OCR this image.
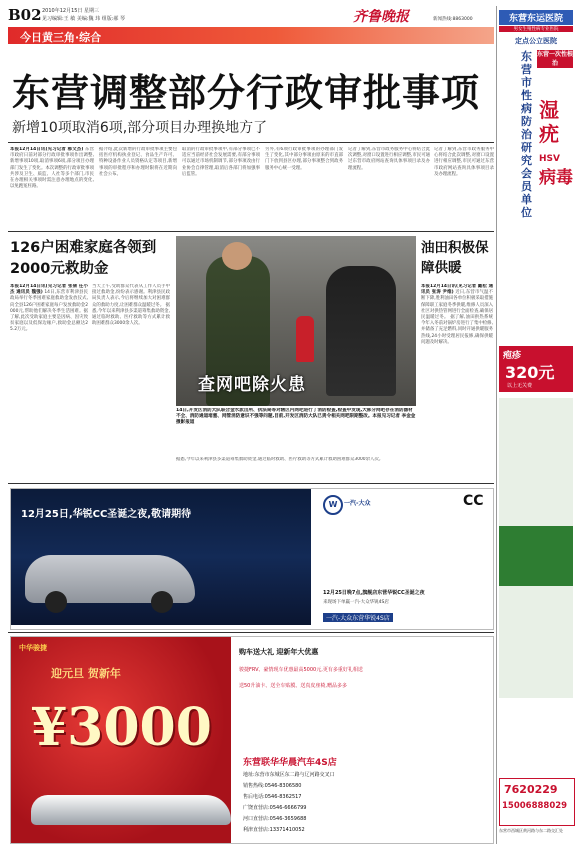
B02 2010年12月15日 星期三
见习编辑:王 敏 美编:魏 玮 组版:郝 琴	齐鲁晚报	新闻热线:8863000
今日黄三角·综合
东营调整部分行政审批事项
新增10项取消6项,部分项目办理换地方了
本报12月14日讯(见习记者 郝文杰) 东营市政府日前对部分行政审批事项作出调整,新增事项10项,取消事项6项,部分项目办理部门发生了变化。本次调整的行政审批事项共涉及卫生、质监、人社等多个部门,市民在办理相关事项时需注意办理地点的变化,以免跑冤枉路。
据介绍,此次新增的行政审批事项主要包括医疗机构执业登记、食品生产许可、特种设备作业人员资格认定等项目,新增事项的审批程序和办理时限将在近期向社会公布。
取消的行政审批事项中,有部分事项已不适应当前经济社会发展需要,有部分事项可以通过市场机制调节,部分事项改由行业协会自律管理,取消后各部门将加强事后监管。
另外,有6项行政审批事项的办理部门发生了变化,其中部分事项由原来的市直部门下放到县区办理,部分事项整合到政务服务中心统一受理。
记者了解到,东营市政务服务中心将结合此次调整,对窗口设置进行相应调整,市民可通过东营市政府网站查询具体事项目录及办理流程。
记者了解到,东营市政务服务中心将结合此次调整,对窗口设置进行相应调整,市民可通过东营市政府网站查询具体事项目录及办理流程。
126户困难家庭各领到2000元救助金
本报12月14日讯(见习记者 张倩 任小杰 通讯员 魏强) 14日,东营市利津县民政局举行冬季困难家庭救助金发放仪式,向全县126户困难家庭每户发放救助金2000元,帮助他们解决冬季生活困难。据了解,此次受助家庭主要是因病、因灾致贫家庭以及低保边缘户,救助金总额达25.2万元。
当天上午,受助群众代表从工作人员手中接过救助金,纷纷表示感谢。利津县民政局负责人表示,今后将继续加大对困难群众的救助力度,让困难群众温暖过冬。 据悉,今年以来利津县多渠道筹集救助资金,通过临时救助、医疗救助等方式累计救助困难群众3000余人次。
查网吧除火患
14日,开发区消防大队联合金水派出所、执法局等对辖区内网吧进行了消防检查,检查中发现,大部分网吧存在消防器材不全、消防通道堵塞、网管消防意识不强等问题,目前,开发区消防大队已责令相关网吧限期整改。本报见习记者 李金金 摄影报道
据悉,今年以来利津县多渠道筹集救助资金,通过临时救助、医疗救助等方式累计救助困难群众3000余人次。
油田积极保障供暖
本报12月14日讯(见习记者 戴松 通讯员 张涛 尹维) 近日,东营市气温不断下降,胜利油田各单位积极采取措施保障职工家庭冬季供暖,维修人员深入社区对供热管网进行全面检查,确保居民温暖过冬。 据了解,油田供热系统今年入冬前对锅炉房进行了集中检修,并储备了充足燃料,同时开通供暖服务热线,24小时受理居民报修,确保供暖问题及时解决。
12月25日,华锐CC圣诞之夜,敬请期待
W	一汽-大众	CC
12月25日晚7点,旗舰店东营华锐CC圣诞之夜
来现场下单赢一汽-大众华锐4S店
一汽-大众东营华锐4S店
中华骏捷
迎元旦 贺新年
¥3000
购车送大礼 迎新年大优惠
骏捷FRV、豪情现车优惠最高5000元,更有多重好礼相送
送50升油卡、送全车贴膜、送真皮座椅,赠品多多
东营联华华晨汽车4S店
地址:东营市东城区东二路与辽河路交叉口
销售热线:0546-8306580
售后电话:0546-8362517
广饶直营店:0546-6666799
河口直营店:0546-3659688
利津直营店:13371410052
东营东运医院
男女生殖性病专业医院
定点公立医院
东营市性病防治研究会员单位
东营一次性根治
湿疣
HSV
病毒
疱疹
320元
以上无关费
7620229
15006888029
东营市西城区黄河路与东二路交汇处
